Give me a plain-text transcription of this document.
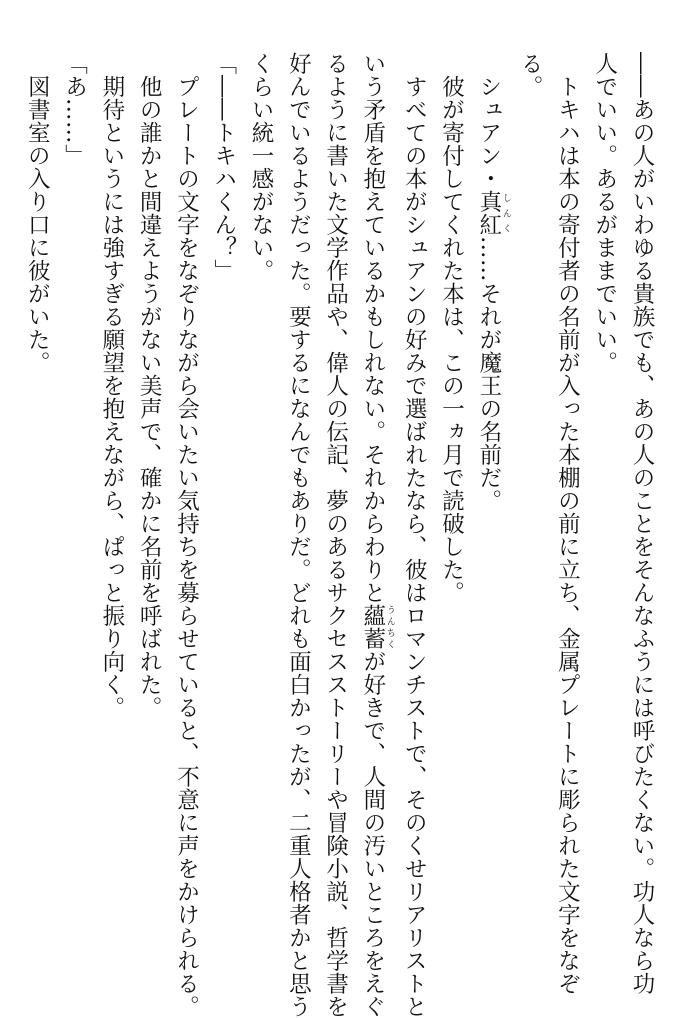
――あの人がいわゆる貴族でも、あの人のことをそんなふうには呼びたくない。功人なら功
人でいい。あるがままでいい。
　トキハは本の寄付者の名前が入った本棚の前に立ち、金属プレートに彫られた文字をなぞ
る。
　シュアン・真紅 しんく……それが魔王の名前だ。
　彼が寄付してくれた本は、この一ヵ月で読破した。
　すべての本がシュアンの好みで選ばれたなら、彼はロマンチストで、そのくせリアリストと
いう矛盾を抱えているかもしれない。それからわりと蘊蓄 うんちくが好きで、人間の汚いところをえぐ
るように書いた文学作品や、偉人の伝記、夢のあるサクセスストーリーや冒険小説、哲学書を
好んでいるようだった。要するになんでもありだ。どれも面白かったが、二重人格者かと思う
くらい統一感がない。
「――トキハくん？」
　プレートの文字をなぞりながら会いたい気持ちを募らせていると、不意に声をかけられる。
　他の誰かと間違えようがない美声で、確かに名前を呼ばれた。
　期待というには強すぎる願望を抱えながら、ぱっと振り向く。
「あ……」
　図書室の入り口に彼がいた。
